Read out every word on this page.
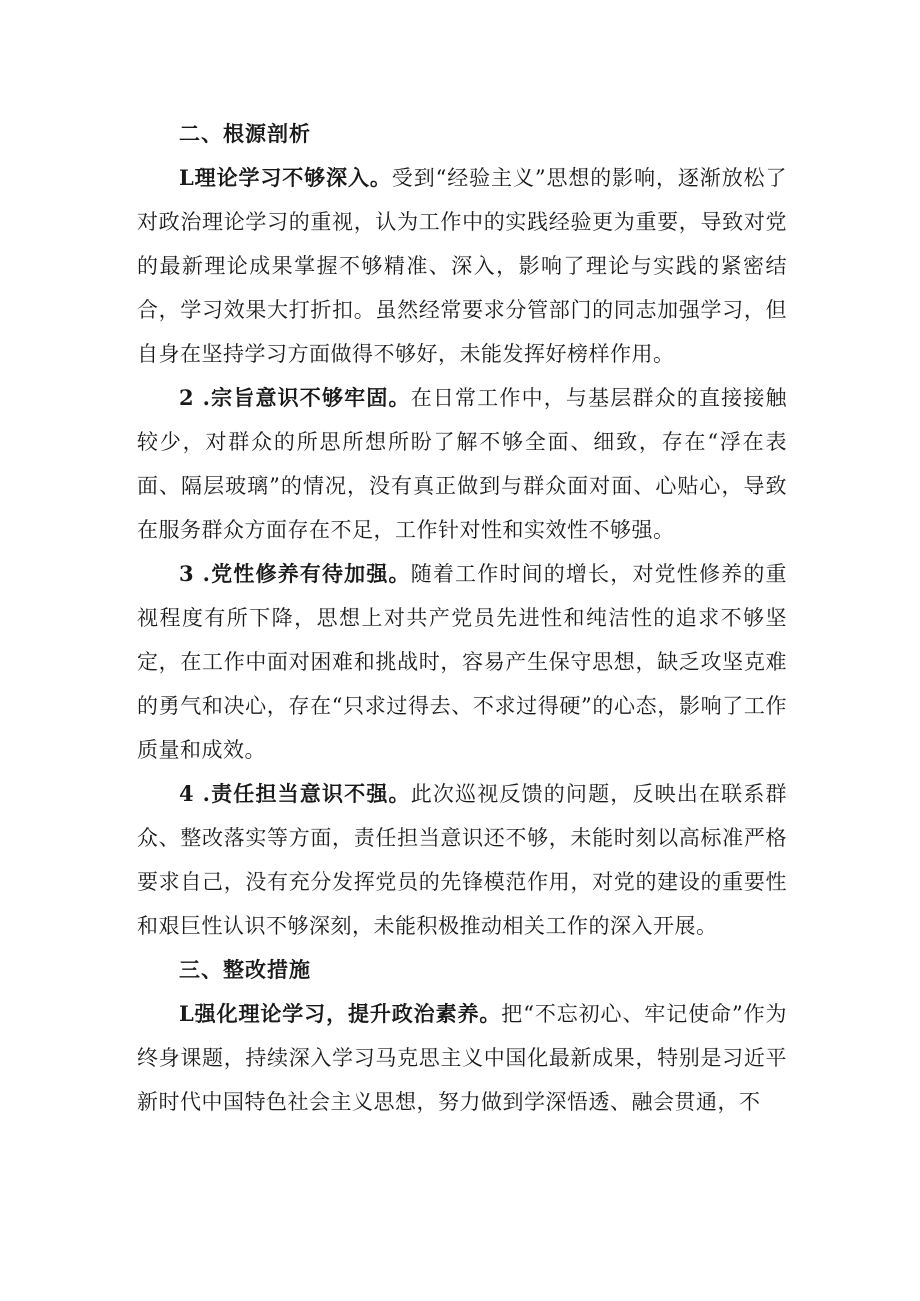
二、根源剖析

L理论学习不够深入。受到“经验主义”思想的影响，逐渐放松了对政治理论学习的重视，认为工作中的实践经验更为重要，导致对党的最新理论成果掌握不够精准、深入，影响了理论与实践的紧密结合，学习效果大打折扣。虽然经常要求分管部门的同志加强学习，但自身在坚持学习方面做得不够好，未能发挥好榜样作用。

2 .宗旨意识不够牢固。在日常工作中，与基层群众的直接接触较少，对群众的所思所想所盼了解不够全面、细致，存在“浮在表面、隔层玻璃”的情况，没有真正做到与群众面对面、心贴心，导致在服务群众方面存在不足，工作针对性和实效性不够强。

3 .党性修养有待加强。随着工作时间的增长，对党性修养的重视程度有所下降，思想上对共产党员先进性和纯洁性的追求不够坚定，在工作中面对困难和挑战时，容易产生保守思想，缺乏攻坚克难的勇气和决心，存在“只求过得去、不求过得硬”的心态，影响了工作质量和成效。

4 .责任担当意识不强。此次巡视反馈的问题，反映出在联系群众、整改落实等方面，责任担当意识还不够，未能时刻以高标准严格要求自己，没有充分发挥党员的先锋模范作用，对党的建设的重要性和艰巨性认识不够深刻，未能积极推动相关工作的深入开展。

三、整改措施

L强化理论学习，提升政治素养。把“不忘初心、牢记使命”作为终身课题，持续深入学习马克思主义中国化最新成果，特别是习近平新时代中国特色社会主义思想，努力做到学深悟透、融会贯通，不
